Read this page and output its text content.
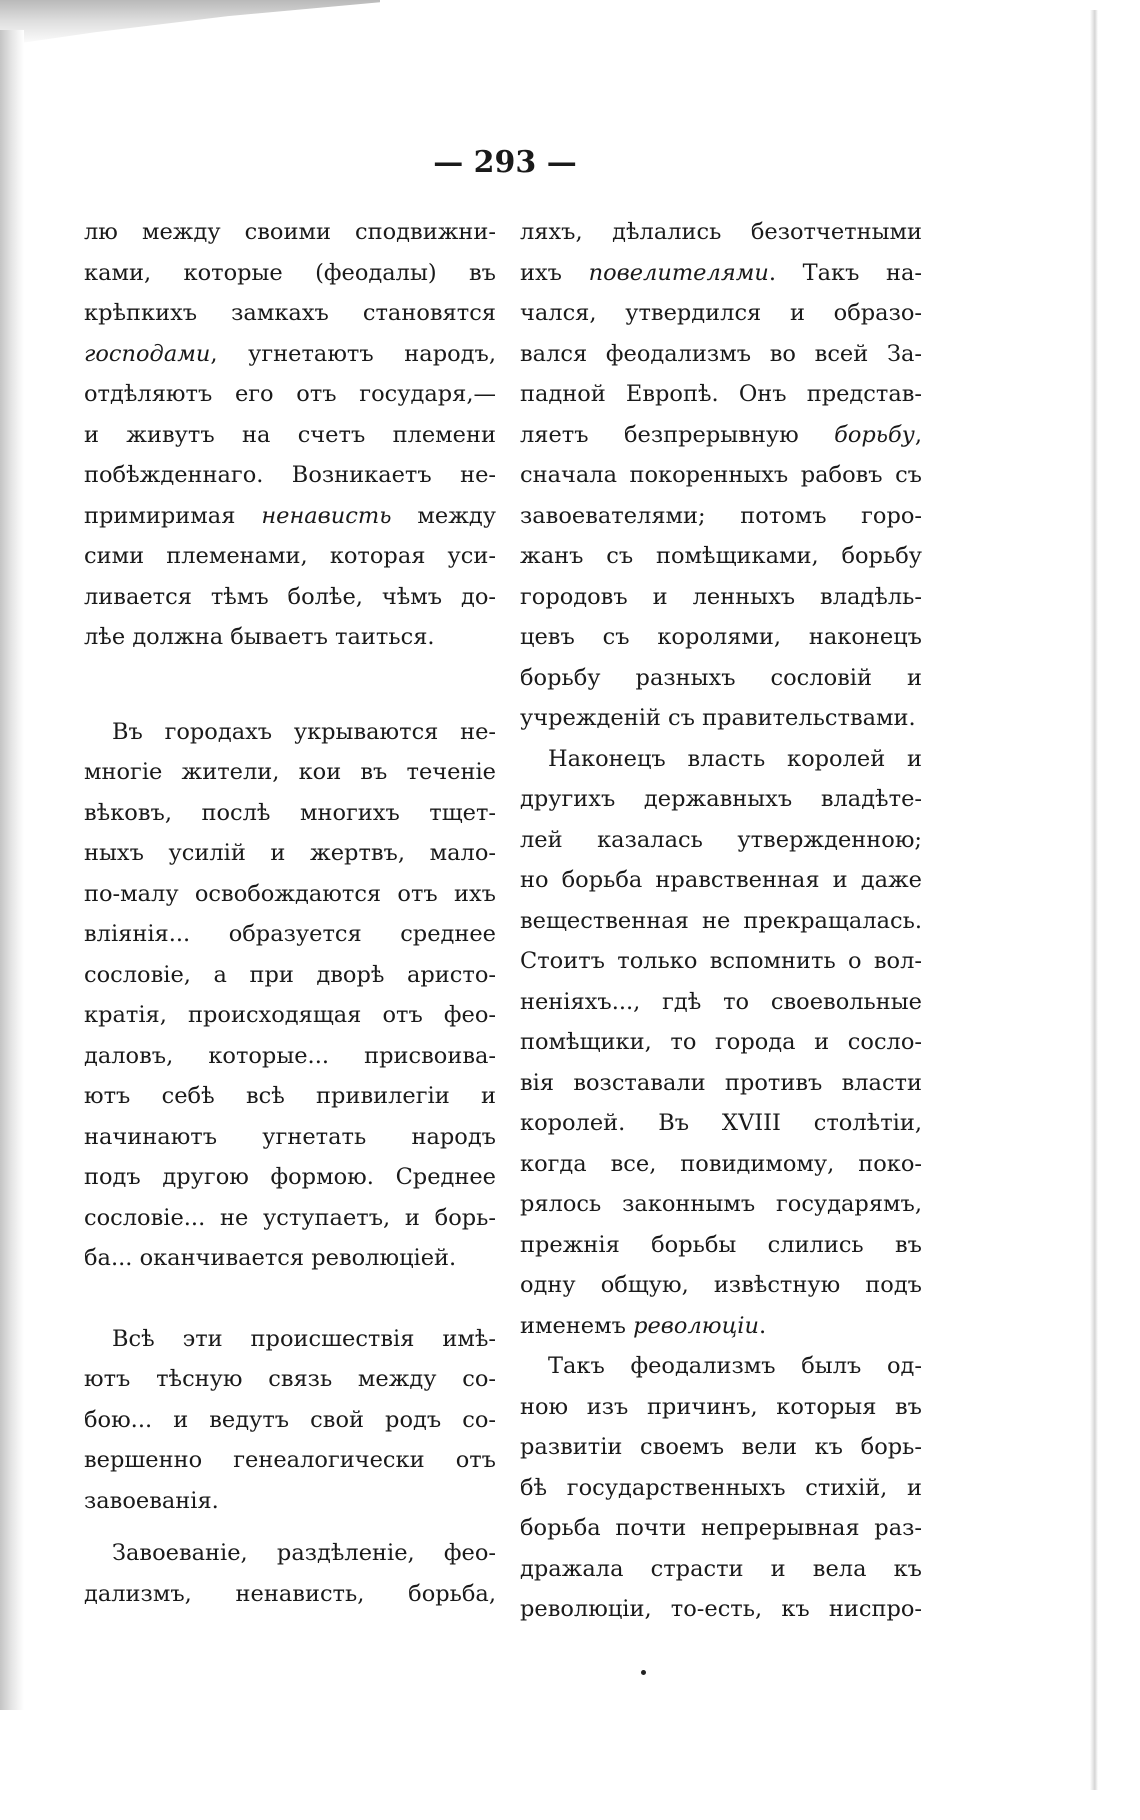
— 293 —
лю между своими сподвижни-
ками, которые (феодалы) въ
крѣпкихъ замкахъ становятся
господами, угнетаютъ народъ,
отдѣляютъ его отъ государя,—
и живутъ на счетъ племени
побѣжденнаго. Возникаетъ не-
примиримая ненависть между
сими племенами, которая уси-
ливается тѣмъ болѣе, чѣмъ до-
лѣе должна бываетъ таиться.
Въ городахъ укрываются не-
многіе жители, кои въ теченіе
вѣковъ, послѣ многихъ тщет-
ныхъ усилій и жертвъ, мало-
по-малу освобождаются отъ ихъ
вліянія... образуется среднее
сословіе, а при дворѣ аристо-
кратія, происходящая отъ фео-
даловъ, которые... присвоива-
ютъ себѣ всѣ привилегіи и
начинаютъ угнетать народъ
подъ другою формою. Среднее
сословіе... не уступаетъ, и борь-
ба... оканчивается революціей.
Всѣ эти происшествія имѣ-
ютъ тѣсную связь между со-
бою... и ведутъ свой родъ со-
вершенно генеалогически отъ
завоеванія.
Завоеваніе, раздѣленіе, фео-
дализмъ, ненависть, борьба,
ляхъ, дѣлались безотчетными
ихъ повелителями. Такъ на-
чался, утвердился и образо-
вался феодализмъ во всей За-
падной Европѣ. Онъ представ-
ляетъ безпрерывную борьбу,
сначала покоренныхъ рабовъ съ
завоевателями; потомъ горо-
жанъ съ помѣщиками, борьбу
городовъ и ленныхъ владѣль-
цевъ съ королями, наконецъ
борьбу разныхъ сословій и
учрежденій съ правительствами.
Наконецъ власть королей и
другихъ державныхъ владѣте-
лей казалась утвержденною;
но борьба нравственная и даже
вещественная не прекращалась.
Стоитъ только вспомнить о вол-
неніяхъ..., гдѣ то своевольные
помѣщики, то города и сосло-
вія возставали противъ власти
королей. Въ XVIII столѣтіи,
когда все, повидимому, поко-
рялось законнымъ государямъ,
прежнія борьбы слились въ
одну общую, извѣстную подъ
именемъ революціи.
Такъ феодализмъ былъ од-
ною изъ причинъ, которыя въ
развитіи своемъ вели къ борь-
бѣ государственныхъ стихій, и
борьба почти непрерывная раз-
дражала страсти и вела къ
революціи, то-есть, къ ниспро-
